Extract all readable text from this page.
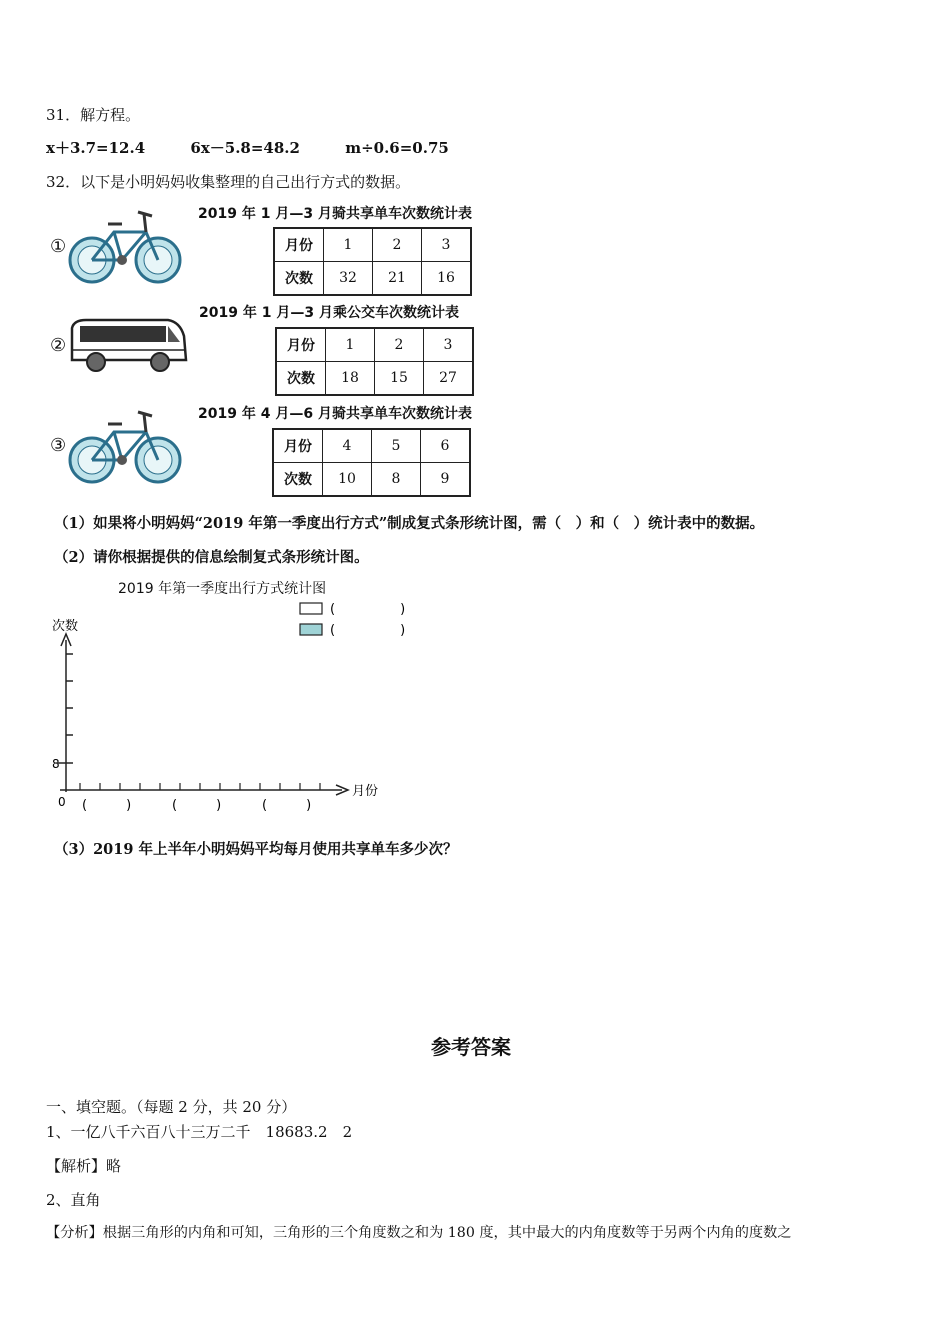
31．解方程。
x＋3.7=12.4	6x－5.8=48.2	m÷0.6=0.75
32．以下是小明妈妈收集整理的自己出行方式的数据。
①
2019 年 1 月—3 月骑共享单车次数统计表
月份	1	2	3
次数	32	21	16
②
2019 年 1 月—3 月乘公交车次数统计表
月份	1	2	3
次数	18	15	27
③
2019 年 4 月—6 月骑共享单车次数统计表
月份	4	5	6
次数	10	8	9
（1）如果将小明妈妈“2019 年第一季度出行方式”制成复式条形统计图，需（　）和（　）统计表中的数据。
（2）请你根据提供的信息绘制复式条形统计图。
2019 年第一季度出行方式统计图
(　　　　　)
(　　　　　)
次数
8
月份
0 (　　　)	(　　　)	(　　　)
（3）2019 年上半年小明妈妈平均每月使用共享单车多少次？
参考答案
一、填空题。（每题 2 分，共 20 分）
1、一亿八千六百八十三万二千　18683.2　2
【解析】略
2、直角
【分析】根据三角形的内角和可知，三角形的三个角度数之和为 180 度，其中最大的内角度数等于另两个内角的度数之
